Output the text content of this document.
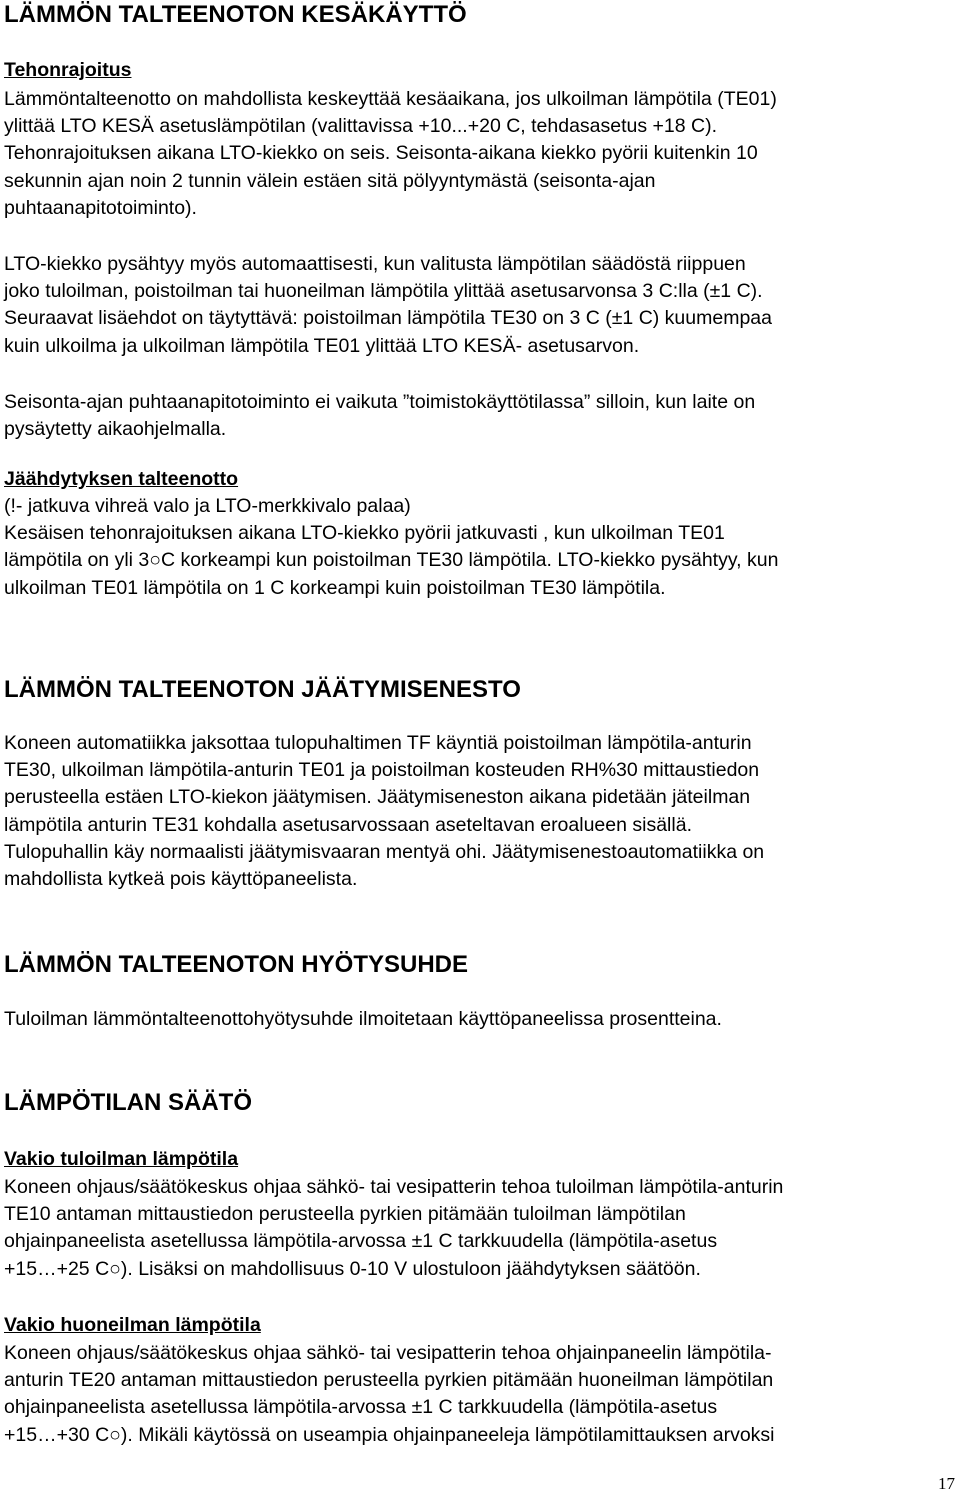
LÄMMÖN TALTEENOTON KESÄKÄYTTÖ
Tehonrajoitus
Lämmöntalteenotto on mahdollista keskeyttää kesäaikana, jos ulkoilman lämpötila (TE01)
ylittää LTO KESÄ asetuslämpötilan (valittavissa +10...+20 C, tehdasasetus +18 C).
Tehonrajoituksen aikana LTO-kiekko on seis. Seisonta-aikana kiekko pyörii kuitenkin 10
sekunnin ajan noin 2 tunnin välein estäen sitä pölyyntymästä (seisonta-ajan
puhtaanapitotoiminto).
LTO-kiekko pysähtyy myös automaattisesti, kun valitusta lämpötilan säädöstä riippuen
joko tuloilman, poistoilman tai huoneilman lämpötila ylittää asetusarvonsa 3 C:lla (±1 C).
Seuraavat lisäehdot on täytyttävä: poistoilman lämpötila TE30 on 3 C (±1 C) kuumempaa
kuin ulkoilma ja ulkoilman lämpötila TE01 ylittää LTO KESÄ- asetusarvon.
Seisonta-ajan puhtaanapitotoiminto ei vaikuta ”toimistokäyttötilassa” silloin, kun laite on
pysäytetty aikaohjelmalla.
Jäähdytyksen talteenotto
(!- jatkuva vihreä valo ja LTO-merkkivalo palaa)
Kesäisen tehonrajoituksen aikana LTO-kiekko pyörii jatkuvasti , kun ulkoilman TE01
lämpötila on yli 3○C korkeampi kun poistoilman TE30 lämpötila. LTO-kiekko pysähtyy, kun
ulkoilman TE01 lämpötila on 1 C korkeampi kuin poistoilman TE30 lämpötila.
LÄMMÖN TALTEENOTON JÄÄTYMISENESTO
Koneen automatiikka jaksottaa tulopuhaltimen TF käyntiä poistoilman lämpötila-anturin
TE30, ulkoilman lämpötila-anturin TE01 ja poistoilman kosteuden RH%30 mittaustiedon
perusteella estäen LTO-kiekon jäätymisen. Jäätymiseneston aikana pidetään jäteilman
lämpötila anturin TE31 kohdalla asetusarvossaan aseteltavan eroalueen sisällä.
Tulopuhallin käy normaalisti jäätymisvaaran mentyä ohi. Jäätymisenestoautomatiikka on
mahdollista kytkeä pois käyttöpaneelista.
LÄMMÖN TALTEENOTON HYÖTYSUHDE
Tuloilman lämmöntalteenottohyötysuhde ilmoitetaan käyttöpaneelissa prosentteina.
LÄMPÖTILAN SÄÄTÖ
Vakio tuloilman lämpötila
Koneen ohjaus/säätökeskus ohjaa sähkö- tai vesipatterin tehoa tuloilman lämpötila-anturin
TE10 antaman mittaustiedon perusteella pyrkien pitämään tuloilman lämpötilan
ohjainpaneelista asetellussa lämpötila-arvossa ±1 C tarkkuudella (lämpötila-asetus
+15…+25 C○). Lisäksi on mahdollisuus 0-10 V ulostuloon jäähdytyksen säätöön.
Vakio huoneilman lämpötila
Koneen ohjaus/säätökeskus ohjaa sähkö- tai vesipatterin tehoa ohjainpaneelin lämpötila-
anturin TE20 antaman mittaustiedon perusteella pyrkien pitämään huoneilman lämpötilan
ohjainpaneelista asetellussa lämpötila-arvossa ±1 C tarkkuudella (lämpötila-asetus
+15…+30 C○). Mikäli käytössä on useampia ohjainpaneeleja lämpötilamittauksen arvoksi
17
